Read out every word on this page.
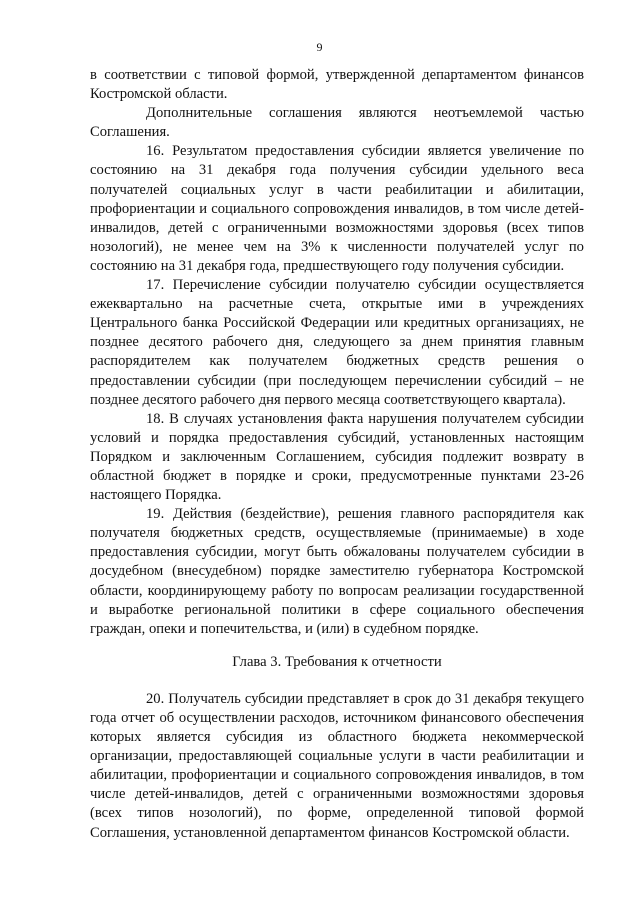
9

в соответствии с типовой формой, утвержденной департаментом финансов Костромской области.

Дополнительные соглашения являются неотъемлемой частью Соглашения.

16. Результатом предоставления субсидии является увеличение по состоянию на 31 декабря года получения субсидии удельного веса получателей социальных услуг в части реабилитации и абилитации, профориентации и социального сопровождения инвалидов, в том числе детей-инвалидов, детей с ограниченными возможностями здоровья (всех типов нозологий), не менее чем на 3% к численности получателей услуг по состоянию на 31 декабря года, предшествующего году получения субсидии.

17. Перечисление субсидии получателю субсидии осуществляется ежеквартально на расчетные счета, открытые ими в учреждениях Центрального банка Российской Федерации или кредитных организациях, не позднее десятого рабочего дня, следующего за днем принятия главным распорядителем как получателем бюджетных средств решения о предоставлении субсидии (при последующем перечислении субсидий – не позднее десятого рабочего дня первого месяца соответствующего квартала).

18. В случаях установления факта нарушения получателем субсидии условий и порядка предоставления субсидий, установленных настоящим Порядком и заключенным Соглашением, субсидия подлежит возврату в областной бюджет в порядке и сроки, предусмотренные пунктами 23-26 настоящего Порядка.

19. Действия (бездействие), решения главного распорядителя как получателя бюджетных средств, осуществляемые (принимаемые) в ходе предоставления субсидии, могут быть обжалованы получателем субсидии в досудебном (внесудебном) порядке заместителю губернатора Костромской области, координирующему работу по вопросам реализации государственной и выработке региональной политики в сфере социального обеспечения граждан, опеки и попечительства, и (или) в судебном порядке.

Глава 3. Требования к отчетности

20. Получатель субсидии представляет в срок до 31 декабря текущего года отчет об осуществлении расходов, источником финансового обеспечения которых является субсидия из областного бюджета некоммерческой организации, предоставляющей социальные услуги в части реабилитации и абилитации, профориентации и социального сопровождения инвалидов, в том числе детей-инвалидов, детей с ограниченными возможностями здоровья (всех типов нозологий), по форме, определенной типовой формой Соглашения, установленной департаментом финансов Костромской области.
